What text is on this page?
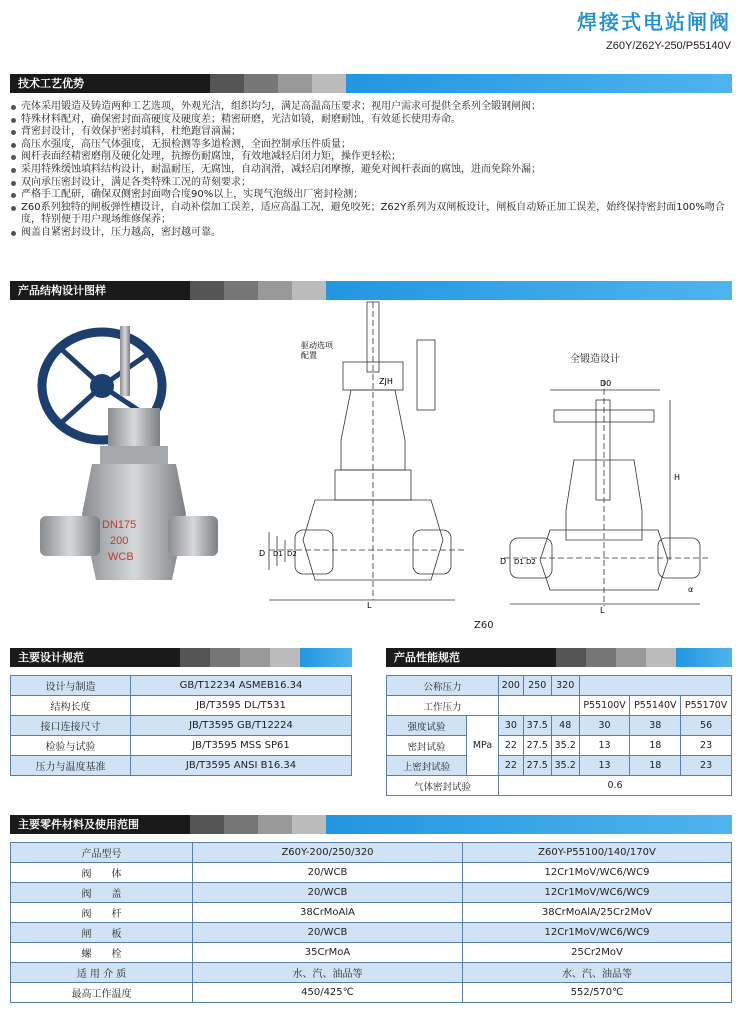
焊接式电站闸阀
Z60Y/Z62Y-250/P55140V
技术工艺优势
壳体采用锻造及铸造两种工艺选项，外观光洁，组织均匀，满足高温高压要求；视用户需求可提供全系列全锻钢闸阀；
特殊材料配对，确保密封面高硬度及硬度差；精密研磨，光洁如镜，耐磨耐蚀，有效延长使用寿命。
背密封设计，有效保护密封填料，杜绝跑冒滴漏；
高压水强度，高压气体强度，无损检测等多道检测，全面控制承压件质量；
阀杆表面经精密磨削及硬化处理，抗擦伤耐腐蚀，有效地减轻启闭力矩，操作更轻松；
采用特殊缓蚀填料结构设计，耐温耐压，无腐蚀，自动润滑，减轻启闭摩擦，避免对阀杆表面的腐蚀，进而免除外漏；
双向承压密封设计，满足各类特殊工况的苛刻要求；
严格手工配研，确保双侧密封面吻合度90%以上，实现气泡级出厂密封检测；
Z60系列独特的闸板弹性槽设计，自动补偿加工误差，适应高温工况，避免咬死；Z62Y系列为双闸板设计，闸板自动矫正加工误差，始终保持密封面100%吻合度，特别便于用户现场维修保养；
阀盖自紧密封设计，压力越高，密封越可靠。
产品结构设计图样
DN175
200
WCB
驱动选项
配置
ZJH
L
D D1 D2
Z60
全锻造设计
D0
H
L
D D1 D2
α
主要设计规范
设计与制造	GB/T12234 ASMEB16.34
结构长度	JB/T3595 DL/T531
接口连接尺寸	JB/T3595 GB/T12224
检验与试验	JB/T3595 MSS SP61
压力与温度基准	JB/T3595 ANSI B16.34
产品性能规范
公称压力		200	250	320			
工作压力					P55100V	P55140V	P55170V
强度试验	MPa	30	37.5	48	30	38	56
密封试验		22	27.5	35.2	13	18	23
上密封试验		22	27.5	35.2	13	18	23
气体密封试验		0.6					
主要零件材料及使用范围
产品型号	Z60Y-200/250/320	Z60Y-P55100/140/170V
阀　　体	20/WCB	12Cr1MoV/WC6/WC9
阀　　盖	20/WCB	12Cr1MoV/WC6/WC9
阀　　杆	38CrMoAlA	38CrMoAlA/25Cr2MoV
闸　　板	20/WCB	12Cr1MoV/WC6/WC9
螺　　栓	35CrMoA	25Cr2MoV
适 用 介 质	水、汽、油品等	水、汽、油品等
最高工作温度	450/425℃	552/570℃
